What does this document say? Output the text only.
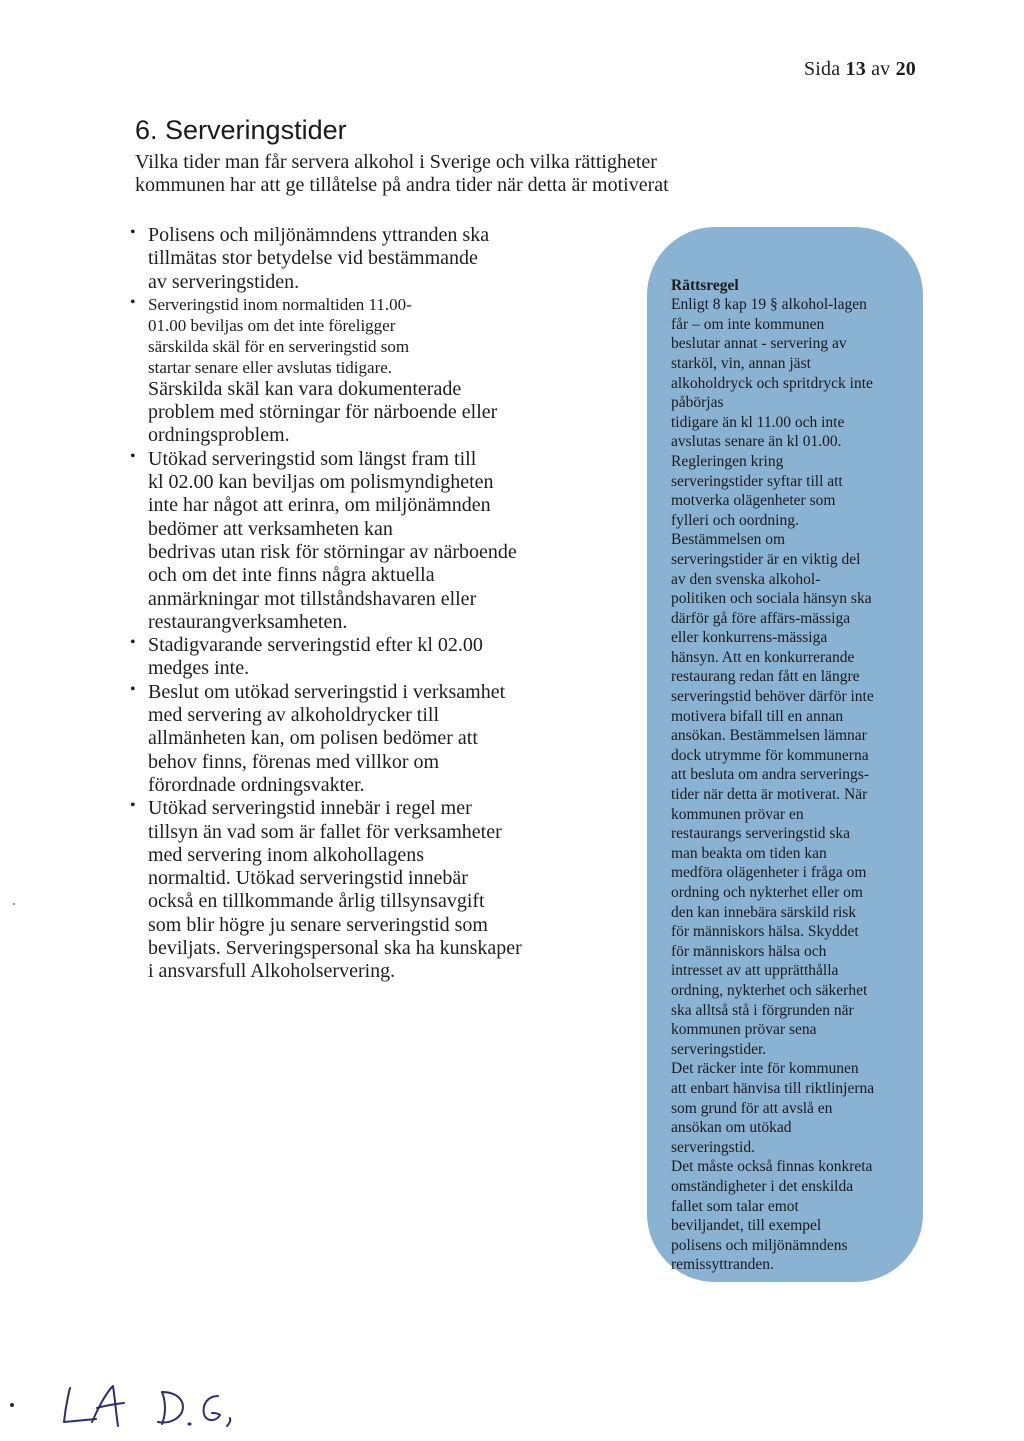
Sida 13 av 20
6. Serveringstider

Vilka tider man får servera alkohol i Sverige och vilka rättigheter
kommunen har att ge tillåtelse på andra tider när detta är motiverat

• Polisens och miljönämndens yttranden ska
tillmätas stor betydelse vid bestämmande
av serveringstiden.
• Serveringstid inom normaltiden 11.00-
01.00 beviljas om det inte föreligger
särskilda skäl för en serveringstid som
startar senare eller avslutas tidigare.
Särskilda skäl kan vara dokumenterade
problem med störningar för närboende eller
ordningsproblem.
• Utökad serveringstid som längst fram till
kl 02.00 kan beviljas om polismyndigheten
inte har något att erinra, om miljönämnden
bedömer att verksamheten kan
bedrivas utan risk för störningar av närboende
och om det inte finns några aktuella
anmärkningar mot tillståndshavaren eller
restaurangverksamheten.
• Stadigvarande serveringstid efter kl 02.00
medges inte.
• Beslut om utökad serveringstid i verksamhet
med servering av alkoholdrycker till
allmänheten kan, om polisen bedömer att
behov finns, förenas med villkor om
förordnade ordningsvakter.
• Utökad serveringstid innebär i regel mer
tillsyn än vad som är fallet för verksamheter
med servering inom alkohollagens
normaltid. Utökad serveringstid innebär
också en tillkommande årlig tillsynsavgift
som blir högre ju senare serveringstid som
beviljats. Serveringspersonal ska ha kunskaper
i ansvarsfull Alkoholservering.

Rättsregel
Enligt 8 kap 19 § alkohol-lagen
får – om inte kommunen
beslutar annat - servering av
starköl, vin, annan jäst
alkoholdryck och spritdryck inte
påbörjas
tidigare än kl 11.00 och inte
avslutas senare än kl 01.00.
Regleringen kring
serveringstider syftar till att
motverka olägenheter som
fylleri och oordning.
Bestämmelsen om
serveringstider är en viktig del
av den svenska alkohol-
politiken och sociala hänsyn ska
därför gå före affärs-mässiga
eller konkurrens-mässiga
hänsyn. Att en konkurrerande
restaurang redan fått en längre
serveringstid behöver därför inte
motivera bifall till en annan
ansökan. Bestämmelsen lämnar
dock utrymme för kommunerna
att besluta om andra serverings-
tider när detta är motiverat. När
kommunen prövar en
restaurangs serveringstid ska
man beakta om tiden kan
medföra olägenheter i fråga om
ordning och nykterhet eller om
den kan innebära särskild risk
för människors hälsa. Skyddet
för människors hälsa och
intresset av att upprätthålla
ordning, nykterhet och säkerhet
ska alltså stå i förgrunden när
kommunen prövar sena
serveringstider.
Det räcker inte för kommunen
att enbart hänvisa till riktlinjerna
som grund för att avslå en
ansökan om utökad
serveringstid.
Det måste också finnas konkreta
omständigheter i det enskilda
fallet som talar emot
beviljandet, till exempel
polisens och miljönämndens
remissyttranden.
